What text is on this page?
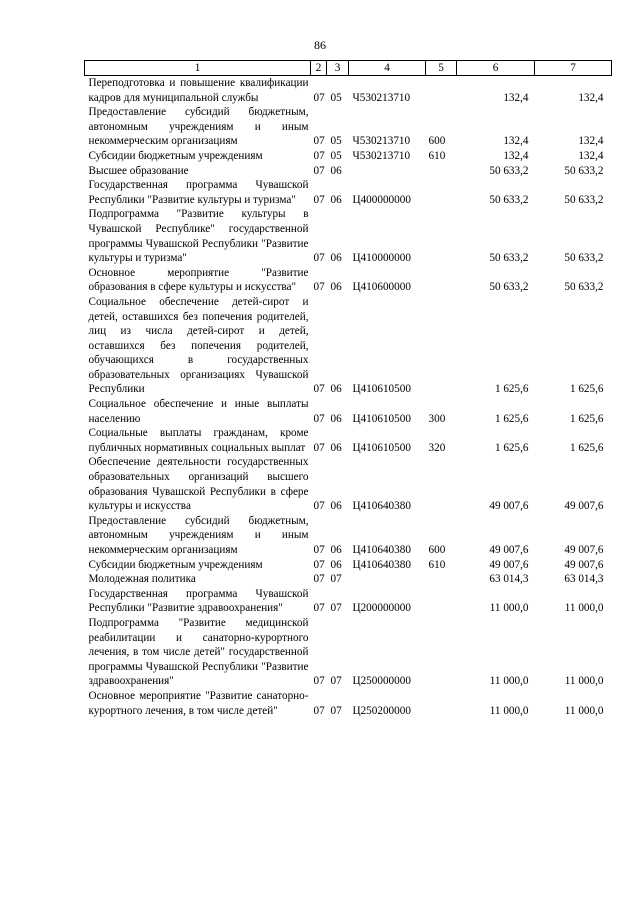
86
1	2	3	4	5	6	7
Переподготовка и повышение квалификации кадров для муниципальной службы	07	05	Ч530213710		132,4	132,4
Предоставление субсидий бюджетным, автономным учреждениям и иным некоммерческим организациям	07	05	Ч530213710	600	132,4	132,4
Субсидии бюджетным учреждениям	07	05	Ч530213710	610	132,4	132,4
Высшее образование	07	06			50 633,2	50 633,2
Государственная программа Чувашской Республики "Развитие культуры и туризма"	07	06	Ц400000000		50 633,2	50 633,2
Подпрограмма "Развитие культуры в Чувашской Республике" государственной программы Чувашской Республики "Развитие культуры и туризма"	07	06	Ц410000000		50 633,2	50 633,2
Основное мероприятие "Развитие образования в сфере культуры и искусства"	07	06	Ц410600000		50 633,2	50 633,2
Социальное обеспечение детей-сирот и детей, оставшихся без попечения родителей, лиц из числа детей-сирот и детей, оставшихся без попечения родителей, обучающихся в государственных образовательных организациях Чувашской Республики	07	06	Ц410610500		1 625,6	1 625,6
Социальное обеспечение и иные выплаты населению	07	06	Ц410610500	300	1 625,6	1 625,6
Социальные выплаты гражданам, кроме публичных нормативных социальных выплат	07	06	Ц410610500	320	1 625,6	1 625,6
Обеспечение деятельности государственных образовательных организаций высшего образования Чувашской Республики в сфере культуры и искусства	07	06	Ц410640380		49 007,6	49 007,6
Предоставление субсидий бюджетным, автономным учреждениям и иным некоммерческим организациям	07	06	Ц410640380	600	49 007,6	49 007,6
Субсидии бюджетным учреждениям	07	06	Ц410640380	610	49 007,6	49 007,6
Молодежная политика	07	07			63 014,3	63 014,3
Государственная программа Чувашской Республики "Развитие здравоохранения"	07	07	Ц200000000		11 000,0	11 000,0
Подпрограмма "Развитие медицинской реабилитации и санаторно-курортного лечения, в том числе детей" государственной программы Чувашской Республики "Развитие здравоохранения"	07	07	Ц250000000		11 000,0	11 000,0
Основное мероприятие "Развитие санаторно-курортного лечения, в том числе детей"	07	07	Ц250200000		11 000,0	11 000,0
